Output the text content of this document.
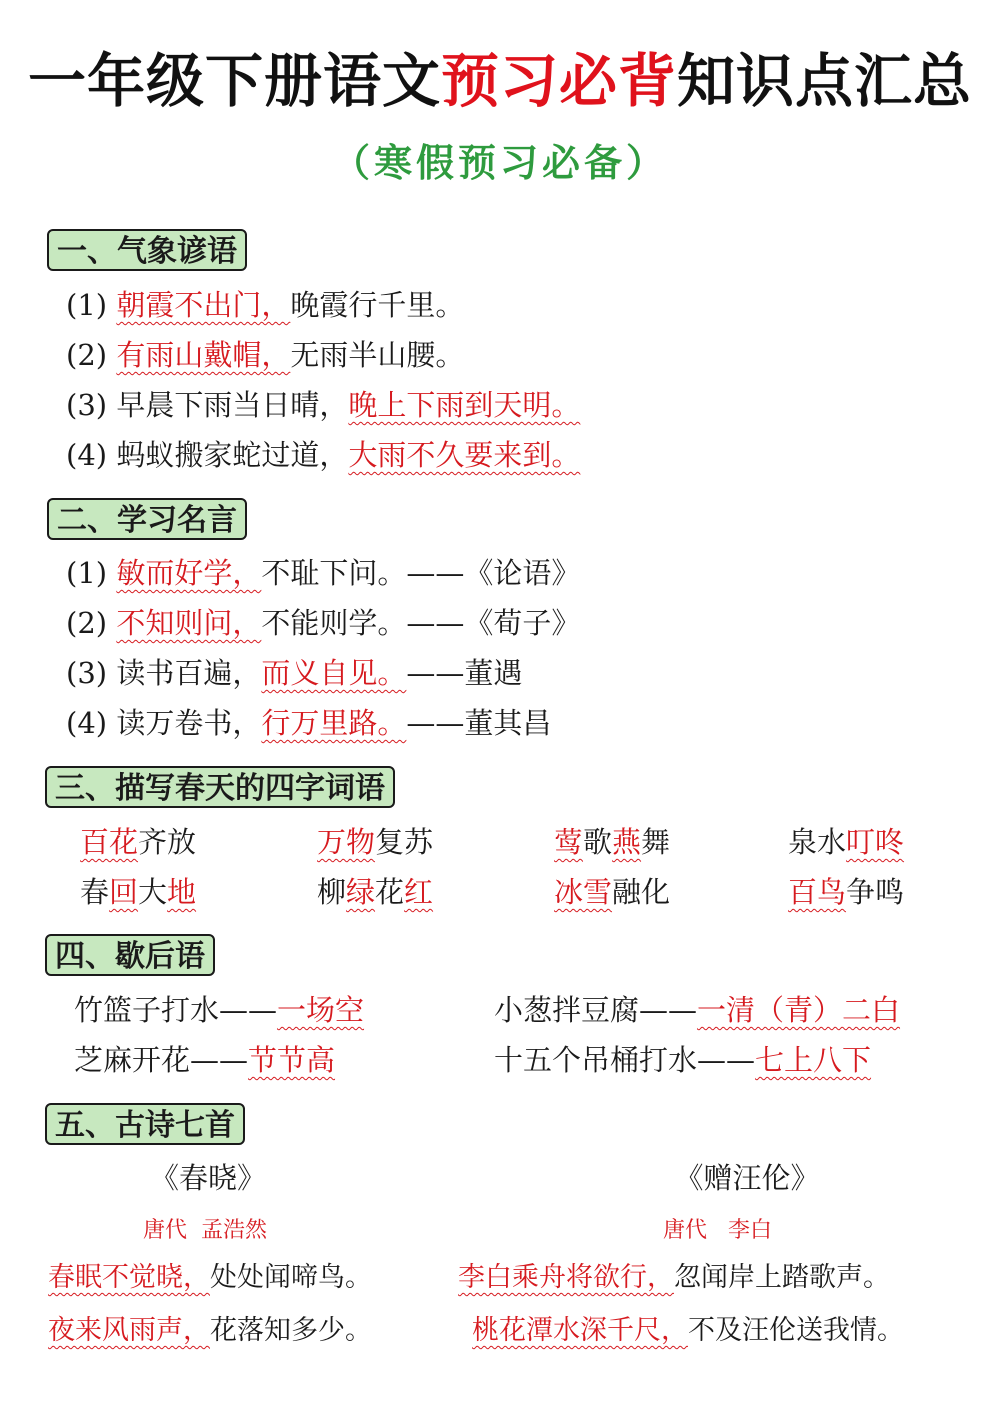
一年级下册语文预习必背知识点汇总
（寒假预习必备）
一、气象谚语
(1) 朝霞不出门，晚霞行千里。
(2) 有雨山戴帽，无雨半山腰。
(3) 早晨下雨当日晴，晚上下雨到天明。
(4) 蚂蚁搬家蛇过道，大雨不久要来到。
二、学习名言
(1) 敏而好学，不耻下问。——《论语》
(2) 不知则问，不能则学。——《荀子》
(3) 读书百遍，而义自见。——董遇
(4) 读万卷书，行万里路。——董其昌
三、描写春天的四字词语
百花齐放	万物复苏	莺歌燕舞	泉水叮咚
春回大地	柳绿花红	冰雪融化	百鸟争鸣
四、歇后语
竹篮子打水——一场空	小葱拌豆腐——一清（青）二白
芝麻开花——节节高	十五个吊桶打水——七上八下
五、古诗七首
《春晓》
唐代 孟浩然
春眠不觉晓，处处闻啼鸟。
夜来风雨声，花落知多少。
《赠汪伦》
唐代 李白
李白乘舟将欲行，忽闻岸上踏歌声。
桃花潭水深千尺，不及汪伦送我情。
